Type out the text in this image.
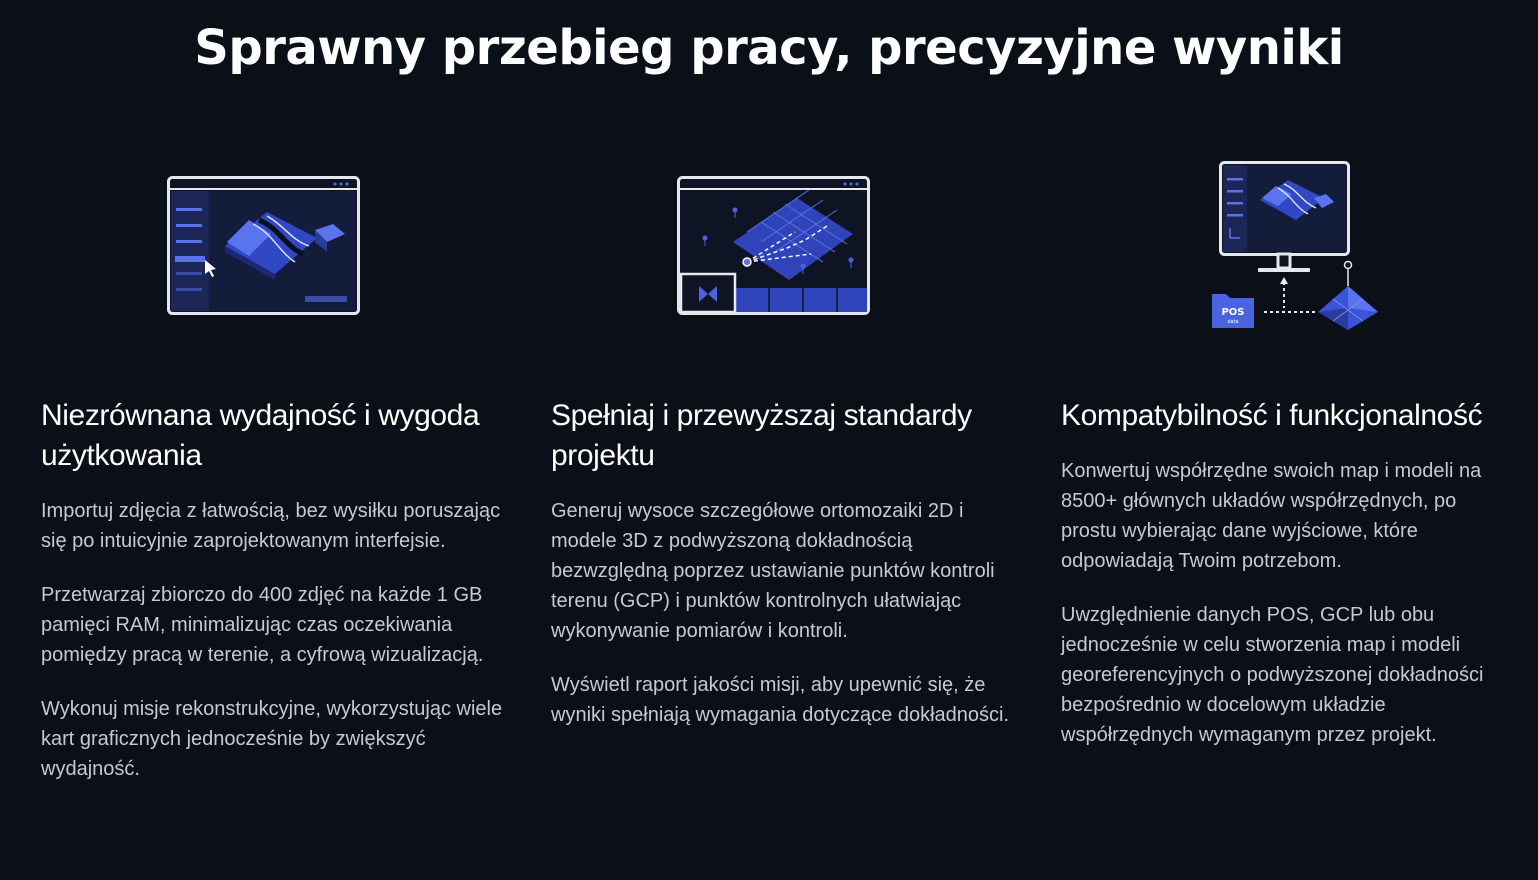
Sprawny przebieg pracy, precyzyjne wyniki
Niezrównana wydajność i wygoda użytkowania

Importuj zdjęcia z łatwością, bez wysiłku poruszając się po intuicyjnie zaprojektowanym interfejsie.

Przetwarzaj zbiorczo do 400 zdjęć na każde 1 GB pamięci RAM, minimalizując czas oczekiwania pomiędzy pracą w terenie, a cyfrową wizualizacją.

Wykonuj misje rekonstrukcyjne, wykorzystując wiele kart graficznych jednocześnie by zwiększyć wydajność.

Spełniaj i przewyższaj standardy projektu

Generuj wysoce szczegółowe ortomozaiki 2D i modele 3D z podwyższoną dokładnością bezwzględną poprzez ustawianie punktów kontroli terenu (GCP) i punktów kontrolnych ułatwiając wykonywanie pomiarów i kontroli.

Wyświetl raport jakości misji, aby upewnić się, że wyniki spełniają wymagania dotyczące dokładności.

POS
data
Kompatybilność i funkcjonalność

Konwertuj współrzędne swoich map i modeli na 8500+ głównych układów współrzędnych, po prostu wybierając dane wyjściowe, które odpowiadają Twoim potrzebom.

Uwzględnienie danych POS, GCP lub obu jednocześnie w celu stworzenia map i modeli georeferencyjnych o podwyższonej dokładności bezpośrednio w docelowym układzie współrzędnych wymaganym przez projekt.
